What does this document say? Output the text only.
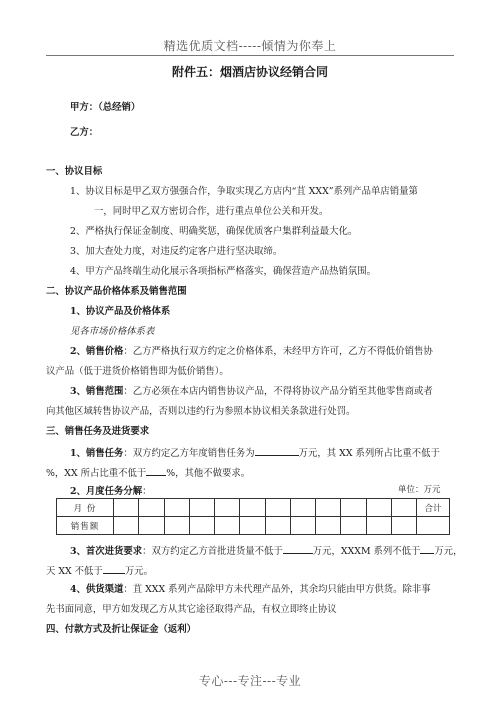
精选优质文档-----倾情为你奉上
附件五：烟酒店协议经销合同
甲方：（总经销）
乙方：
一、协议目标
1、协议目标是甲乙双方强强合作，争取实现乙方店内“苴 XXX”系列产品单店销量第
一，同时甲乙双方密切合作，进行重点单位公关和开发。
2、严格执行保证金制度、明确奖惩，确保优质客户集群利益最大化。
3、加大查处力度，对违反约定客户进行坚决取缔。
4、甲方产品终端生动化展示各项指标严格落实，确保营造产品热销氛围。
二、协议产品价格体系及销售范围
1、协议产品及价格体系
见各市场价格体系表
2、销售价格：乙方严格执行双方约定之价格体系，未经甲方许可，乙方不得低价销售协
议产品（低于进货价格销售即为低价销售）。
3、销售范围：乙方必须在本店内销售协议产品，不得将协议产品分销至其他零售商或者
向其他区域转售协议产品，否则以违约行为参照本协议相关条款进行处罚。
三、销售任务及进货要求
1、销售任务：双方约定乙方年度销售任务为	万元，其 XX 系列所占比重不低于
%，XX 所占比重不低于 %，其他不做要求。
2、月度任务分解：	单位：万元
月 份													合计
销售额													
3、首次进货要求：双方约定乙方首批进货量不低于	万元，XXXM 系列不低于 万元，
天 XX 不低于 万元。
4、供货渠道：苴 XXX 系列产品除甲方未代理产品外，其余均只能由甲方供货。除非事
先书面同意，甲方如发现乙方从其它途径取得产品，有权立即终止协议
四、付款方式及折让保证金（返利）
专心---专注---专业
